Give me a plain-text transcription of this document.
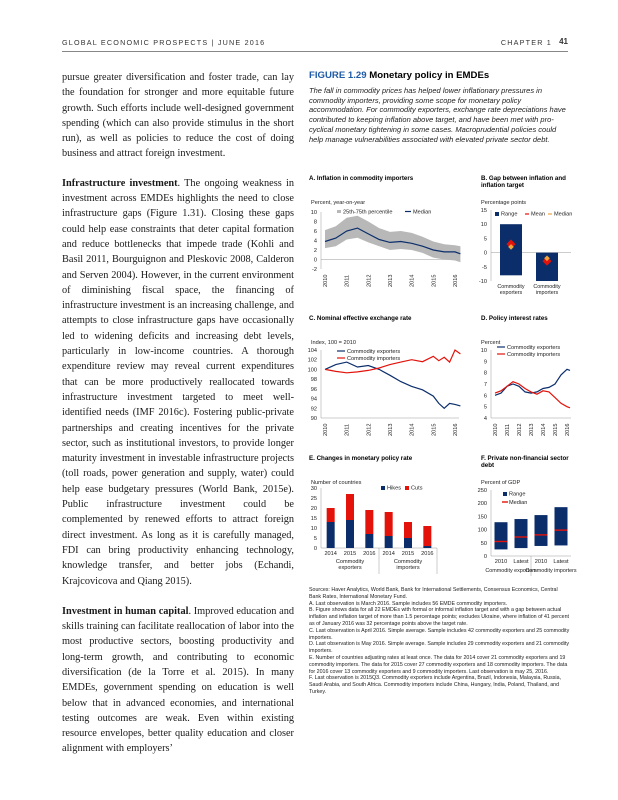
GLOBAL ECONOMIC PROSPECTS | JUNE 2016	CHAPTER 1 41

pursue greater diversification and foster trade, can lay the foundation for stronger and more equitable future growth. Such efforts include well-designed government spending (which can also provide stimulus in the short run), as well as policies to reduce the cost of doing business and attract foreign investment.

Infrastructure investment. The ongoing weakness in investment across EMDEs highlights the need to close infrastructure gaps (Figure 1.31). Closing these gaps could help ease constraints that deter capital formation and reduce bottlenecks that impede trade (Kohli and Basil 2011, Bourguignon and Pleskovic 2008, Calderon and Serven 2004). However, in the current environment of diminishing fiscal space, the financing of infrastructure investment is an increasing challenge, and attempts to close infrastructure gaps have occasionally led to widening deficits and increasing debt levels, particularly in low-income countries. A thorough expenditure review may reveal current expenditures that can be more productively reallocated towards infrastructure investment targeted to meet well-identified needs (IMF 2016c). Fostering public-private partnerships and creating incentives for the private sector, such as institutional investors, to provide longer maturity investment in investable infrastructure projects (toll roads, power generation and supply, water) could help ease budgetary pressures (World Bank, 2015e). Public infrastructure investment could be complemented by renewed efforts to attract foreign direct investment. As long as it is carefully managed, FDI can bring productivity enhancing technology, knowledge transfer, and better jobs (Echandi, Krajcovicova and Qiang 2015).

Investment in human capital. Improved education and skills training can facilitate reallocation of labor into the most productive sectors, boosting productivity and long-term growth, and contributing to economic diversification (de la Torre et al. 2015). In many EMDEs, government spending on education is well below that in advanced economies, and international testing outcomes are weak. Even within existing resource envelopes, better quality education and closer alignment with employers’

FIGURE 1.29 Monetary policy in EMDEs

The fall in commodity prices has helped lower inflationary pressures in commodity importers, providing some scope for monetary policy accommodation. For commodity exporters, exchange rate depreciations have contributed to keeping inflation above target, and have been met with pro-cyclical monetary tightening in some cases. Macroprudential policies could help manage vulnerabilities associated with elevated private sector debt.
A. Inflation in commodity importers	B. Gap between inflation and inflation target
C. Nominal effective exchange rate	D. Policy interest rates
E. Changes in monetary policy rate	F. Private non-financial sector debt
Percent, year-on-year
-2
0
2
4
6
8
10
2010	2011	2012	2013	2014	2015	2016
25th-75th percentile	Median
Percentage points
-10
-5
0
5
10
15
Commodity
exporters
Commodity
importers
Range Mean Median
Index, 100 = 2010
90
92
94
96
98
100
102
104
2010	2011	2012	2013	2014	2015	2016
Commodity exporters
Commodity importers
Percent
4
5
6
7
8
9
10
2010 2011 2012 2013 2014 2015 2016
Commodity exporters
Commodity importers
Number of countries
0
5
10
15
20
25
30
2014 2015 2016 2014 2015 2016
Commodity
exporters
Commodity
importers
Hikes Cuts
Percent of GDP
0
50
100
150
200
250
2010 Latest 2010 Latest
Commodity exporters
Commodity importers
Range
Median

Sources: Haver Analytics, World Bank, Bank for International Settlements, Consensus Economics, Central Bank Rates, International Monetary Fund.

A. Last observation is March 2016. Sample includes 56 EMDE commodity importers.

B. Figure shows data for all 22 EMDEs with formal or informal inflation target and with a gap between actual inflation and inflation target of more than 1.5 percentage points; excludes Ukraine, where inflation of 41 percent as of January 2016 was 32 percentage points above the target rate.

C. Last observation is April 2016. Simple average. Sample includes 42 commodity exporters and 25 commodity importers.

D. Last observation is May 2016. Simple average. Sample includes 29 commodity exporters and 21 commodity importers.

E. Number of countries adjusting rates at least once. The data for 2014 cover 21 commodity exporters and 19 commodity importers. The data for 2015 cover 27 commodity exporters and 18 commodity importers. The data for 2016 cover 13 commodity exporters and 9 commodity importers. Last observation is may 25, 2016.

F. Last observation is 2015Q3. Commodity exporters include Argentina, Brazil, Indonesia, Malaysia, Russia, Saudi Arabia, and South Africa. Commodity importers include China, Hungary, India, Poland, Thailand, and Turkey.
